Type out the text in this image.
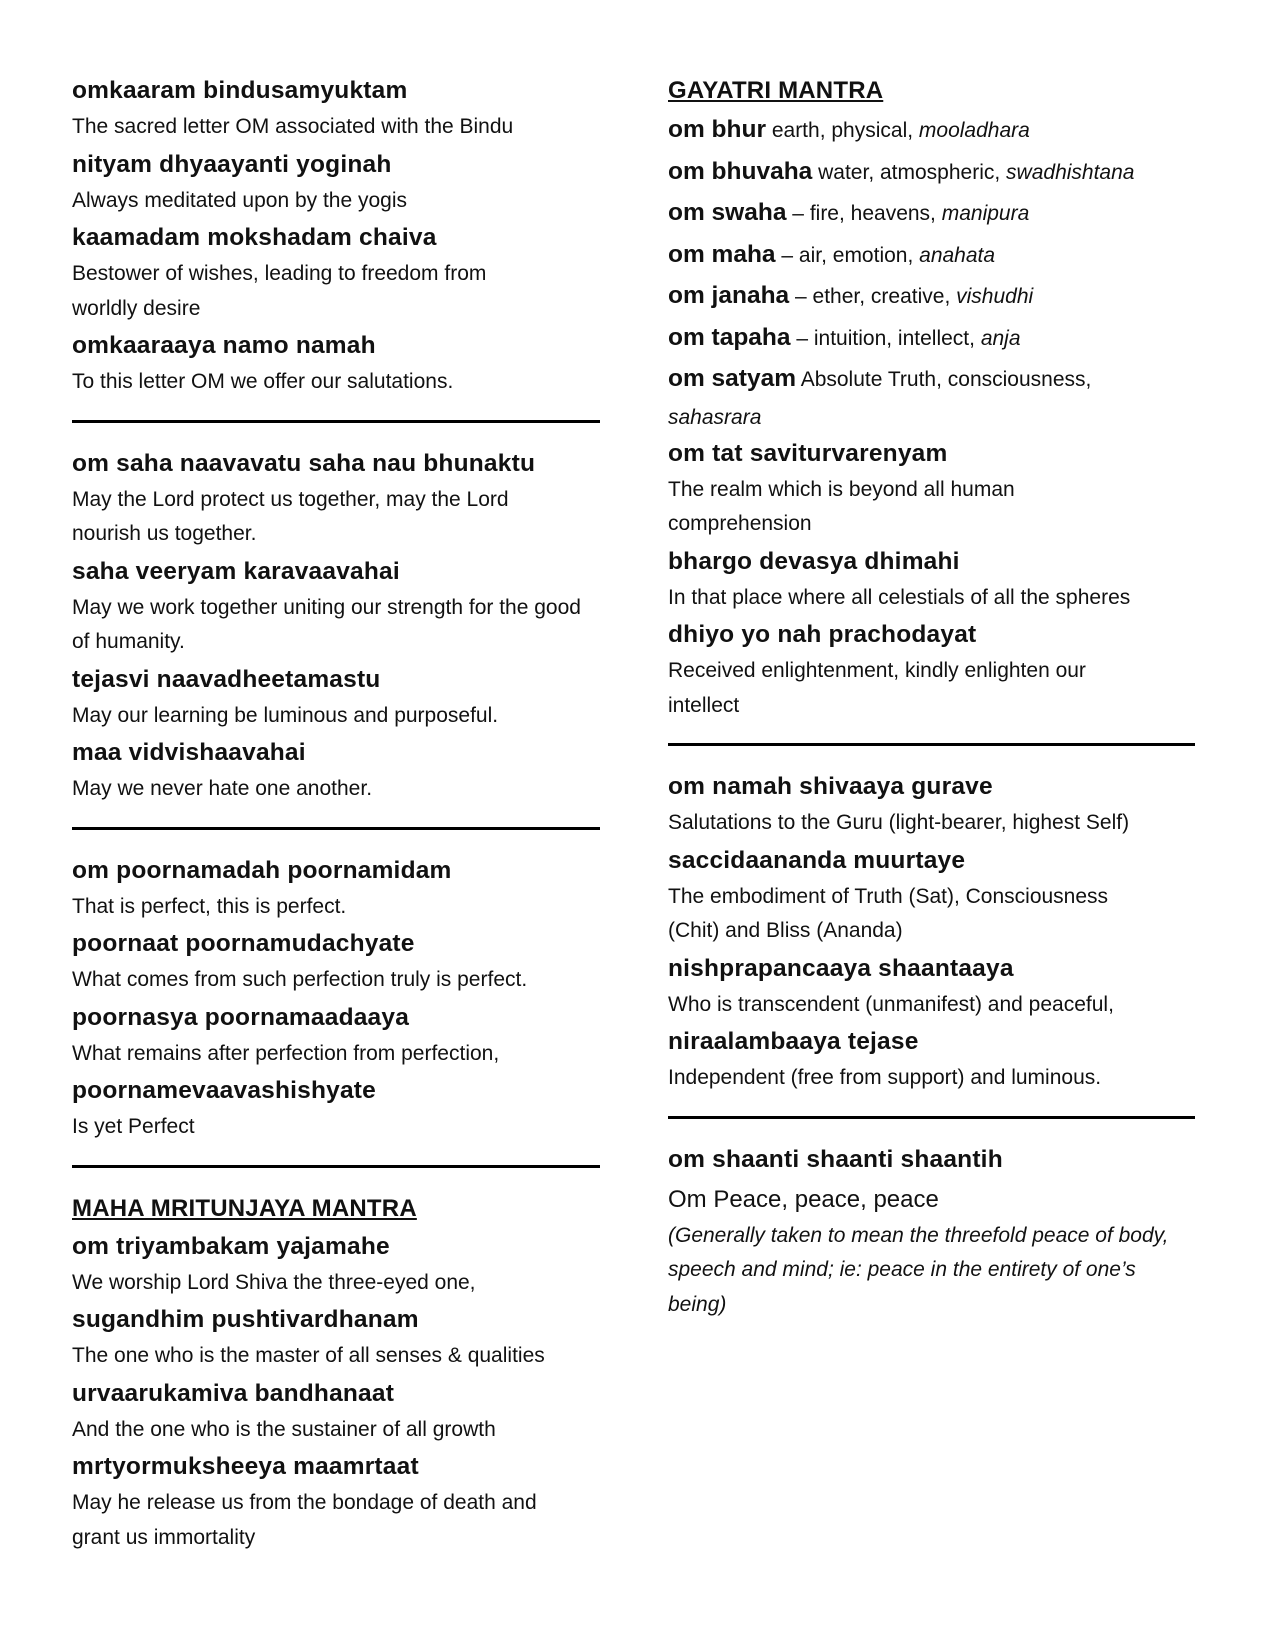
omkaaram bindusamyuktam

The sacred letter OM associated with the Bindu

nityam dhyaayanti yoginah

Always meditated upon by the yogis

kaamadam mokshadam chaiva

Bestower of wishes, leading to freedom from worldly desire

omkaaraaya namo namah

To this letter OM we offer our salutations.

om saha naavavatu saha nau bhunaktu

May the Lord protect us together, may the Lord nourish us together.

saha veeryam karavaavahai

May we work together uniting our strength for the good of humanity.

tejasvi naavadheetamastu

May our learning be luminous and purposeful.

maa vidvishaavahai

May we never hate one another.

om poornamadah poornamidam

That is perfect, this is perfect.

poornaat poornamudachyate

What comes from such perfection truly is perfect.

poornasya poornamaadaaya

What remains after perfection from perfection,

poornamevaavashishyate

Is yet Perfect

MAHA MRITUNJAYA MANTRA

om triyambakam yajamahe

We worship Lord Shiva the three-eyed one,

sugandhim pushtivardhanam

The one who is the master of all senses & qualities

urvaarukamiva bandhanaat

And the one who is the sustainer of all growth

mrtyormuksheeya maamrtaat

May he release us from the bondage of death and grant us immortality

GAYATRI MANTRA

om bhur earth, physical, mooladhara

om bhuvaha water, atmospheric, swadhishtana

om swaha – fire, heavens, manipura

om maha – air, emotion, anahata

om janaha – ether, creative, vishudhi

om tapaha – intuition, intellect, anja

om satyam Absolute Truth, consciousness,
sahasrara

om tat saviturvarenyam

The realm which is beyond all human comprehension

bhargo devasya dhimahi

In that place where all celestials of all the spheres

dhiyo yo nah prachodayat

Received enlightenment, kindly enlighten our intellect

om namah shivaaya gurave

Salutations to the Guru (light-bearer, highest Self)

saccidaananda muurtaye

The embodiment of Truth (Sat), Consciousness (Chit) and Bliss (Ananda)

nishprapancaaya shaantaaya

Who is transcendent (unmanifest) and peaceful,

niraalambaaya tejase

Independent (free from support) and luminous.

om shaanti shaanti shaantih

Om Peace, peace, peace

(Generally taken to mean the threefold peace of body, speech and mind; ie: peace in the entirety of one’s being)
